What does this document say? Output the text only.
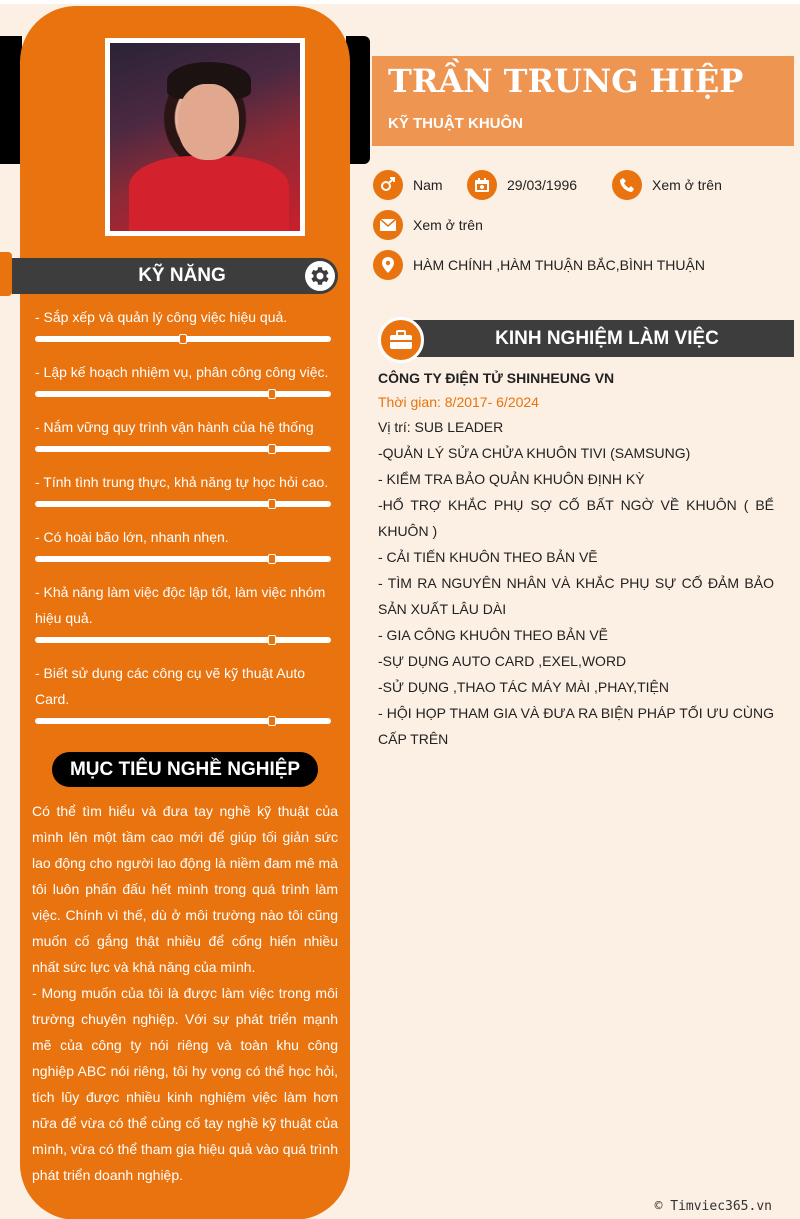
KỸ NĂNG
- Sắp xếp và quản lý công việc hiệu quả.
- Lập kế hoạch nhiệm vụ, phân công công việc.
- Nắm vững quy trình vận hành của hệ thống
- Tính tình trung thực, khả năng tự học hỏi cao.
- Có hoài bão lớn, nhanh nhẹn.
- Khả năng làm việc độc lập tốt, làm việc nhóm hiệu quả.
- Biết sử dụng các công cụ vẽ kỹ thuật Auto Card.
MỤC TIÊU NGHỀ NGHIỆP

Có thể tìm hiểu và đưa tay nghề kỹ thuật của mình lên một tầm cao mới để giúp tối giản sức lao động cho người lao động là niềm đam mê mà tôi luôn phấn đấu hết mình trong quá trình làm việc. Chính vì thế, dù ở môi trường nào tôi cũng muốn cố gắng thật nhiều để cống hiến nhiều nhất sức lực và khả năng của mình.

- Mong muốn của tôi là được làm việc trong môi trường chuyên nghiệp. Với sự phát triển mạnh mẽ của công ty nói riêng và toàn khu công nghiệp ABC nói riêng, tôi hy vọng có thể học hỏi, tích lũy được nhiều kinh nghiệm việc làm hơn nữa để vừa có thể củng cố tay nghề kỹ thuật của mình, vừa có thể tham gia hiệu quả vào quá trình phát triển doanh nghiệp.

TRẦN TRUNG HIỆP
KỸ THUẬT KHUÔN
Nam	29/03/1996	Xem ở trên
Xem ở trên
HÀM CHÍNH ,HÀM THUẬN BẮC,BÌNH THUẬN
KINH NGHIỆM LÀM VIỆC
CÔNG TY ĐIỆN TỬ SHINHEUNG VN
Thời gian: 8/2017- 6/2024
Vị trí: SUB LEADER
-QUẢN LÝ SỬA CHỬA KHUÔN TIVI (SAMSUNG)
- KIỂM TRA BẢO QUẢN KHUÔN ĐỊNH KỲ
-HỔ TRỢ KHẮC PHỤ SỢ CỐ BẤT NGỜ VỀ KHUÔN ( BỂ KHUÔN )
- CẢI TIẾN KHUÔN THEO BẢN VẼ
- TÌM RA NGUYÊN NHÂN VÀ KHẮC PHỤ SỰ CỐ ĐẢM BẢO SẢN XUẤT LÂU DÀI
- GIA CÔNG KHUÔN THEO BẢN VẼ
-SỰ DỤNG AUTO CARD ,EXEL,WORD
-SỬ DỤNG ,THAO TÁC MÁY MÀI ,PHAY,TIỆN
- HỘI HỌP THAM GIA VÀ ĐƯA RA BIỆN PHÁP TỐI ƯU CÙNG CẤP TRÊN
© Timviec365.vn
